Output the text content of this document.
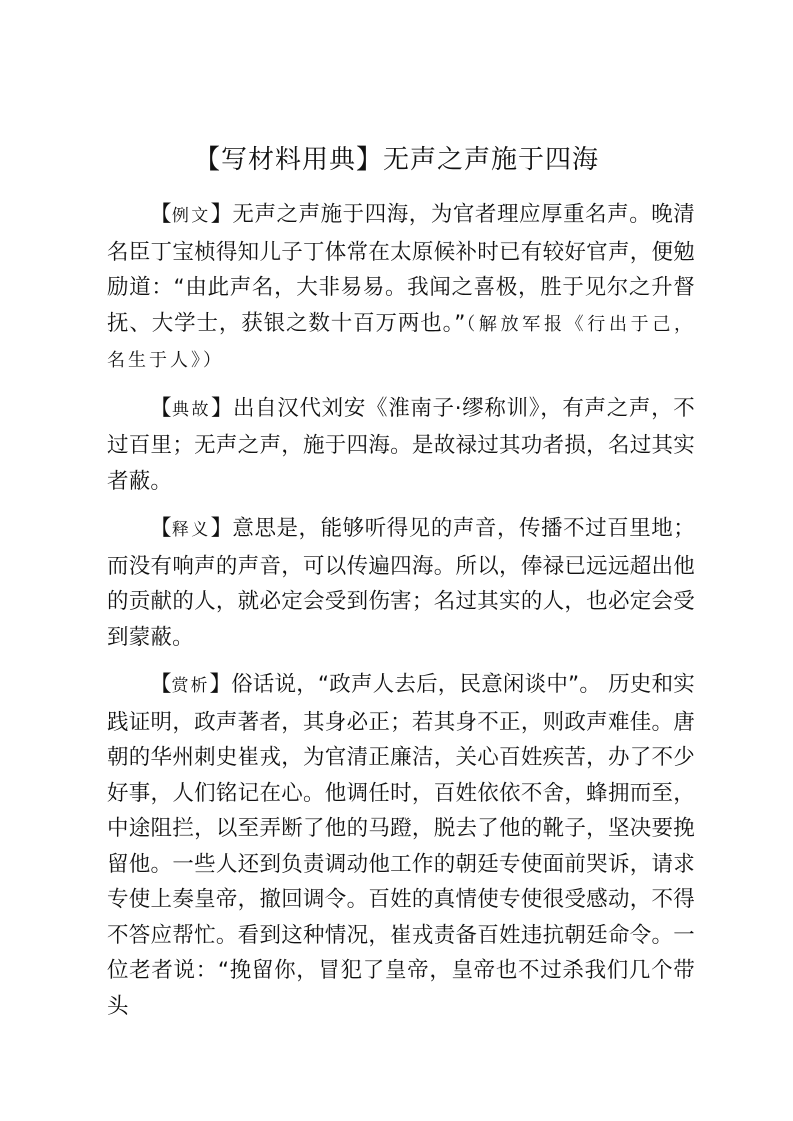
【写材料用典】无声之声施于四海

【例文】无声之声施于四海，为官者理应厚重名声。晚清名臣丁宝桢得知儿子丁体常在太原候补时已有较好官声，便勉励道：“由此声名，大非易易。我闻之喜极，胜于见尔之升督抚、大学士，获银之数十百万两也。”（解放军报《行出于己，名生于人》）

【典故】出自汉代刘安《淮南子·缪称训》，有声之声，不过百里；无声之声，施于四海。是故禄过其功者损，名过其实者蔽。

【释义】意思是，能够听得见的声音，传播不过百里地；而没有响声的声音，可以传遍四海。所以，俸禄已远远超出他的贡献的人，就必定会受到伤害；名过其实的人，也必定会受到蒙蔽。

【赏析】俗话说，“政声人去后，民意闲谈中”。 历史和实践证明，政声著者，其身必正；若其身不正，则政声难佳。唐朝的华州刺史崔戎，为官清正廉洁，关心百姓疾苦，办了不少好事，人们铭记在心。他调任时，百姓依依不舍，蜂拥而至，中途阻拦，以至弄断了他的马蹬，脱去了他的靴子，坚决要挽留他。一些人还到负责调动他工作的朝廷专使面前哭诉，请求专使上奏皇帝，撤回调令。百姓的真情使专使很受感动，不得不答应帮忙。看到这种情况，崔戎责备百姓违抗朝廷命令。一位老者说：“挽留你，冒犯了皇帝，皇帝也不过杀我们几个带头
